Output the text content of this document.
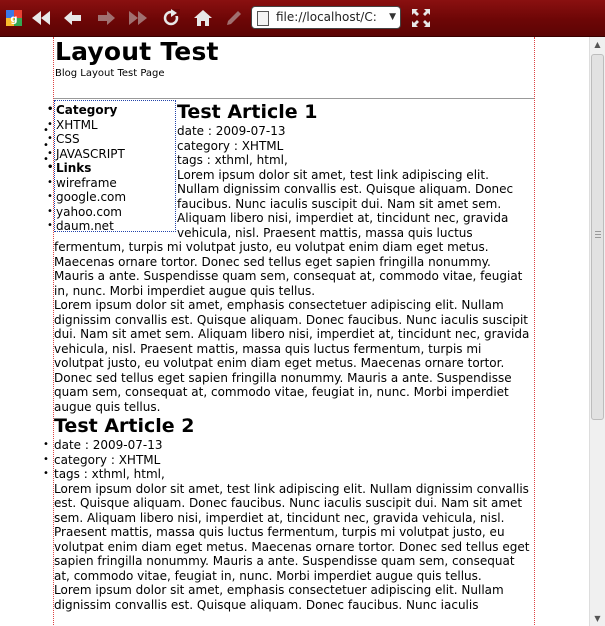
g	file://localhost/C:	▼
Layout Test
Blog Layout Test Page
• Category
• XHTML
• CSS
• JAVASCRIPT
• Links
• wireframe
• google.com
• yahoo.com
• daum.net
Test Article 1
• date : 2009-07-13
• category : XHTML
• tags : xthml, html,

Lorem ipsum dolor sit amet, test link adipiscing elit. Nullam dignissim convallis est. Quisque aliquam. Donec faucibus. Nunc iaculis suscipit dui. Nam sit amet sem. Aliquam libero nisi, imperdiet at, tincidunt nec, gravida vehicula, nisl. Praesent mattis, massa quis luctus fermentum, turpis mi volutpat justo, eu volutpat enim diam eget metus. Maecenas ornare tortor. Donec sed tellus eget sapien fringilla nonummy. Mauris a ante. Suspendisse quam sem, consequat at, commodo vitae, feugiat in, nunc. Morbi imperdiet augue quis tellus.

Lorem ipsum dolor sit amet, emphasis consectetuer adipiscing elit. Nullam dignissim convallis est. Quisque aliquam. Donec faucibus. Nunc iaculis suscipit dui. Nam sit amet sem. Aliquam libero nisi, imperdiet at, tincidunt nec, gravida vehicula, nisl. Praesent mattis, massa quis luctus fermentum, turpis mi volutpat justo, eu volutpat enim diam eget metus. Maecenas ornare tortor. Donec sed tellus eget sapien fringilla nonummy. Mauris a ante. Suspendisse quam sem, consequat at, commodo vitae, feugiat in, nunc. Morbi imperdiet augue quis tellus.

Test Article 2
• date : 2009-07-13
• category : XHTML
• tags : xthml, html,

Lorem ipsum dolor sit amet, test link adipiscing elit. Nullam dignissim convallis est. Quisque aliquam. Donec faucibus. Nunc iaculis suscipit dui. Nam sit amet sem. Aliquam libero nisi, imperdiet at, tincidunt nec, gravida vehicula, nisl. Praesent mattis, massa quis luctus fermentum, turpis mi volutpat justo, eu volutpat enim diam eget metus. Maecenas ornare tortor. Donec sed tellus eget sapien fringilla nonummy. Mauris a ante. Suspendisse quam sem, consequat at, commodo vitae, feugiat in, nunc. Morbi imperdiet augue quis tellus.

Lorem ipsum dolor sit amet, emphasis consectetuer adipiscing elit. Nullam dignissim convallis est. Quisque aliquam. Donec faucibus. Nunc iaculis

▲
▼
